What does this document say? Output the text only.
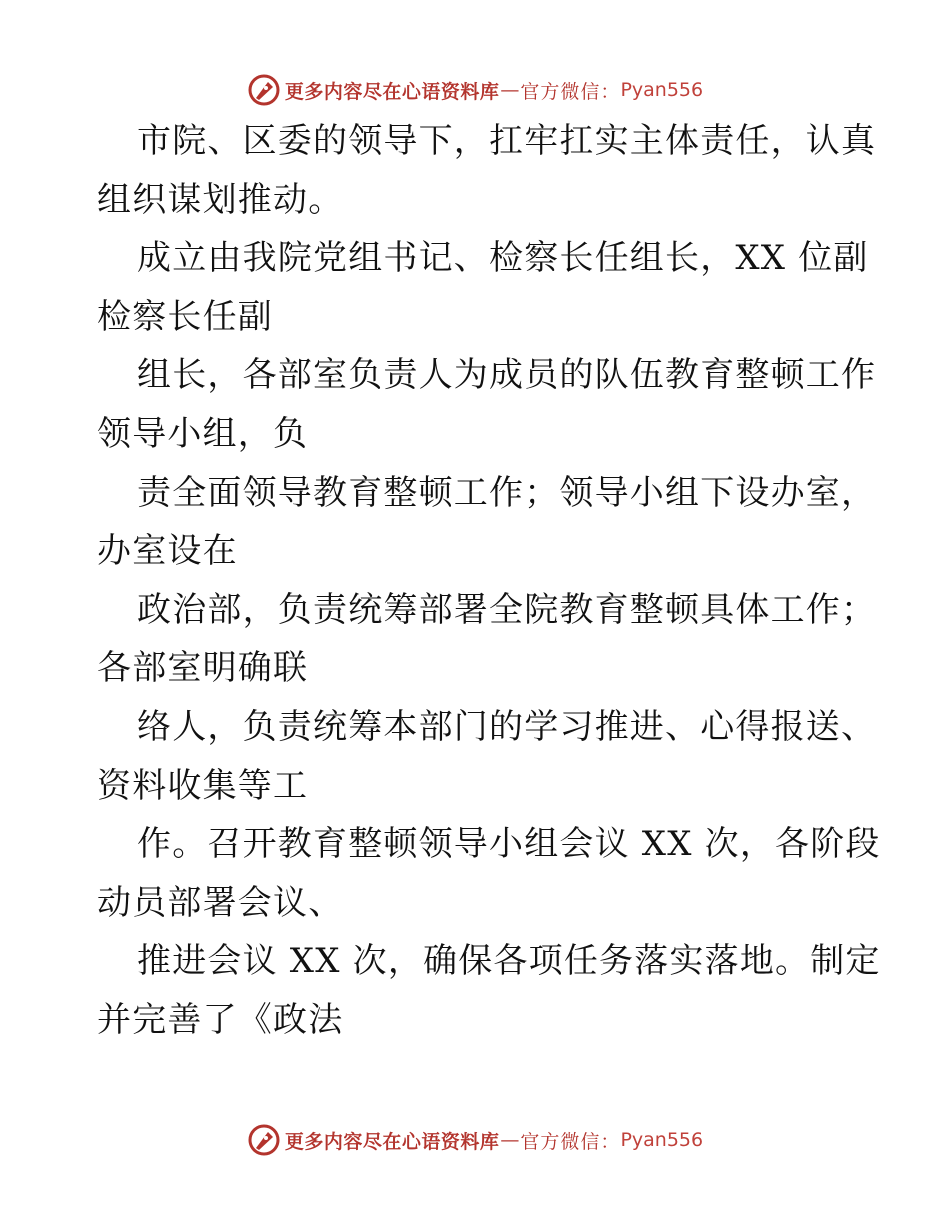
更多内容尽在心语资料库 — 官方微信： Pyan556
市院、区委的领导下，扛牢扛实主体责任，认真
组织谋划推动。
成立由我院党组书记、检察长任组长，XX 位副
检察长任副
组长，各部室负责人为成员的队伍教育整顿工作
领导小组，负
责全面领导教育整顿工作；领导小组下设办室，
办室设在
政治部，负责统筹部署全院教育整顿具体工作；
各部室明确联
络人，负责统筹本部门的学习推进、心得报送、
资料收集等工
作。召开教育整顿领导小组会议 XX 次，各阶段
动员部署会议、
推进会议 XX 次，确保各项任务落实落地。制定
并完善了《政法
更多内容尽在心语资料库 — 官方微信： Pyan556
